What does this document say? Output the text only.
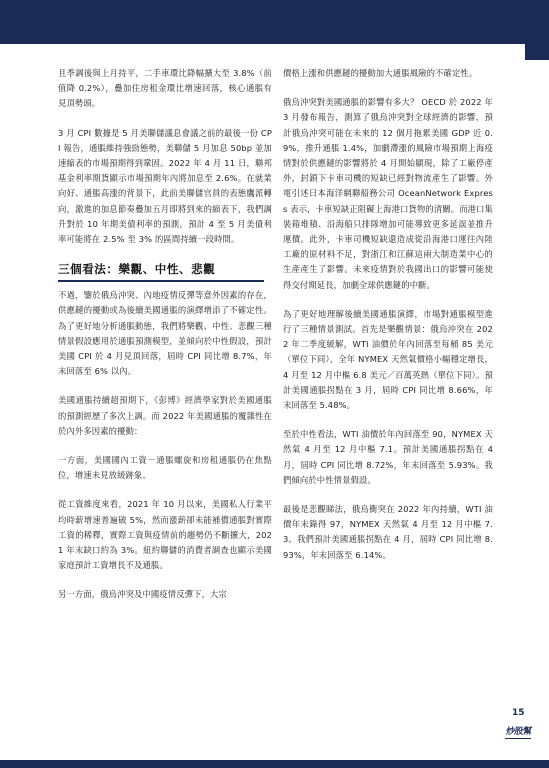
且季調後與上月持平，二手車環比降幅擴大至 3.8%（前值降 0.2%），疊加住房租金環比增速回落，核心通脹有見頂勢頭。

3 月 CPI 數據是 5 月美聯儲議息會議之前的最後一份 CPI 報告，通脹維持強勁態勢，美聯儲 5 月加息 50bp 並加速縮表的市場預期得到鞏固。2022 年 4 月 11 日，聯邦基金利率期貨顯示市場預期年內將加息至 2.6%。在就業向好、通脹高漲的背景下，此前美聯儲官員的表態鷹派轉向，激進的加息節奏疊加五月即將到來的縮表下，我們調升對於 10 年期美債利率的預測，預計 4 至 5 月美債利率可能將在 2.5% 至 3% 的區間持續一段時間。

三個看法：樂觀、中性、悲觀

不過，鑒於俄烏沖突、內地疫情反彈等意外因素的存在，供應鏈的擾動或為後續美國通脹的演繹增添了不確定性。為了更好地分析通脹動態，我們將樂觀、中性、悲觀三種情景假設應用於通脹預測模型，並傾向於中性假設，預計美國 CPI 於 4 月見頂回落，屆時 CPI 同比增 8.7%，年末回落至 6% 以內。

美國通脹持續超預期下，《彭博》經濟學家對於美國通脹的預測經歷了多次上調。而 2022 年美國通脹的覆雜性在於內外多因素的擾動：

一方面，美國國內工資－通脹螺旋和房租通脹仍在焦點位，增速未見放緩跡象。

從工資維度來看，2021 年 10 月以來，美國私人行業平均時薪增速普遍破 5%，然而漲薪卻未能補償通脹對實際工資的稀釋，實際工資與疫情前的趨勢仍不斷擴大，2021 年末缺口約為 3%。紐約聯儲的消費者調查也顯示美國家庭預計工資增長不及通脹。

另一方面，俄烏沖突及中國疫情反彈下，大宗

價格上漲和供應鏈的擾動加大通脹風險的不確定性。

俄烏沖突對美國通脹的影響有多大？ OECD 於 2022 年 3 月發布報告，測算了俄烏沖突對全球經濟的影響，預計俄烏沖突可能在未來的 12 個月拖累美國 GDP 近 0.9%，推升通脹 1.4%，加劇滯漲的風險市場預期上海疫情對於供應鏈的影響將於 4 月開始顯現，除了工廠停產外，封鎖下卡車司機的短缺已經對物流產生了影響。外電引述日本海洋網聯船務公司 OceanNetwork Express 表示，卡車短缺正阻礙上海港口貨物的清關。而港口集裝箱堆積、沿海船只排隊增加可能導致更多延誤並推升運價。此外，卡車司機短缺還造成從沿海港口運往內陸工廠的原材料不足，對浙江和江蘇這兩大制造業中心的生產產生了影響。未來疫情對於我國出口的影響可能使得交付期延長，加劇全球供應鏈的中斷。

為了更好地理解後續美國通脹演繹，市場對通脹模型進行了三種情景測試。首先是樂觀情景：俄烏沖突在 2022 年二季度緩解，WTI 油價於年內回落至每桶 85 美元（單位下同），全年 NYMEX 天然氣價格小幅穩定增長，4 月至 12 月中樞 6.8 美元／百萬英熱（單位下同）。預計美國通脹拐點在 3 月，屆時 CPI 同比增 8.66%，年末回落至 5.48%。

至於中性看法，WTI 油價於年內回落至 90，NYMEX 天然氣 4 月至 12 月中樞 7.1。預計美國通脹拐點在 4 月，屆時 CPI 同比增 8.72%，年末回落至 5.93%。我們傾向於中性情景假設。

最後是悲觀睇法，俄烏衝突在 2022 年內持續，WTI 油價年末錄得 97，NYMEX 天然氣 4 月至 12 月中樞 7.3。我們預計美國通脹拐點在 4 月，屆時 CPI 同比增 8.93%，年末回落至 6.14%。

15
炒股幫
